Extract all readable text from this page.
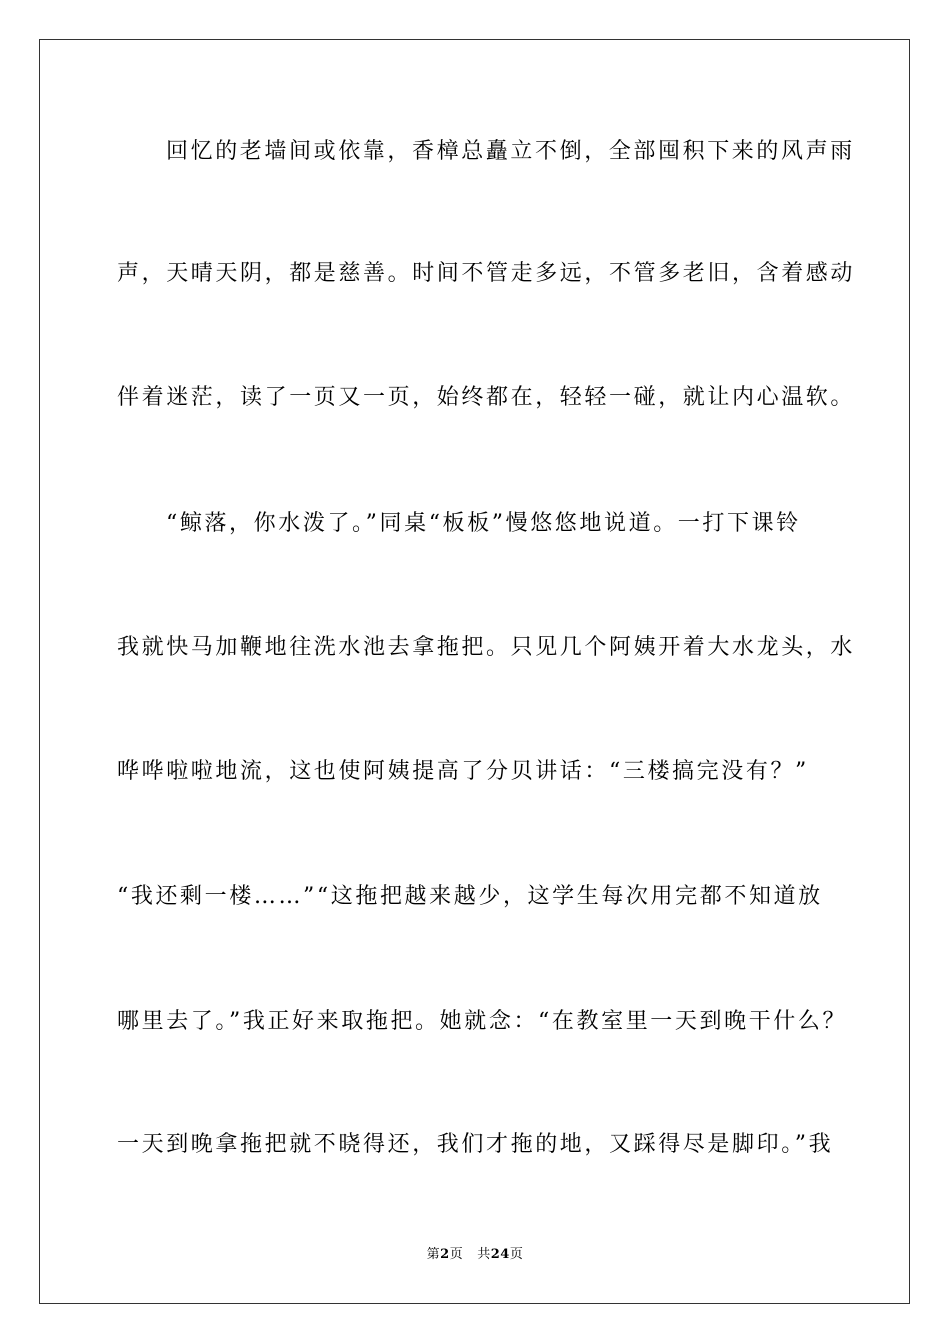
回忆的老墙间或依靠，香樟总矗立不倒，全部囤积下来的风声雨
声，天晴天阴，都是慈善。时间不管走多远，不管多老旧，含着感动
伴着迷茫，读了一页又一页，始终都在，轻轻一碰，就让内心温软。
“鲸落，你水泼了。”同桌“板板”慢悠悠地说道。一打下课铃
我就快马加鞭地往洗水池去拿拖把。只见几个阿姨开着大水龙头，水
哗哗啦啦地流，这也使阿姨提高了分贝讲话：“三楼搞完没有？”
“我还剩一楼……”“这拖把越来越少，这学生每次用完都不知道放
哪里去了。”我正好来取拖把。她就念：“在教室里一天到晚干什么？
一天到晚拿拖把就不晓得还，我们才拖的地，又踩得尽是脚印。”我
第2页 共24页
